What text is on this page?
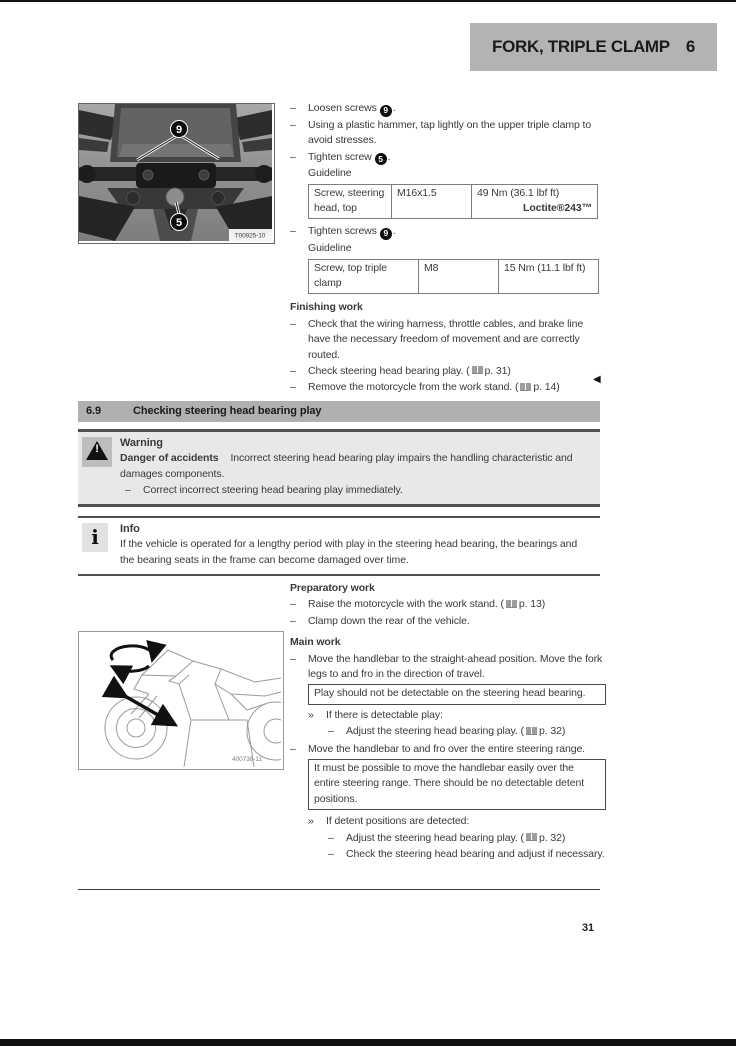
FORK, TRIPLE CLAMP 6
9
5
T00925-10
–	Loosen screws 9 .
–	Using a plastic hammer, tap lightly on the upper triple clamp to avoid stresses.
–	Tighten screw 5 .
Guideline
Screw, steering head, top	M16x1.5	49 Nm (36.1 lbf ft)
Loctite®243™
–	Tighten screws 9 .
Guideline
Screw, top triple clamp	M8	15 Nm (11.1 lbf ft)
Finishing work
–	Check that the wiring harness, throttle cables, and brake line have the necessary freedom of movement and are correctly routed.
–	Check steering head bearing play. ( p. 31)
–	Remove the motorcycle from the work stand. ( p. 14)
◀
6.9	Checking steering head bearing play
!	Warning
Danger of accidents Incorrect steering head bearing play impairs the handling characteristic and damages components.
–	Correct incorrect steering head bearing play immediately.
i Info
If the vehicle is operated for a lengthy period with play in the steering head bearing, the bearings and the bearing seats in the frame can become damaged over time.
400738-11
Preparatory work
–	Raise the motorcycle with the work stand. ( p. 13)
–	Clamp down the rear of the vehicle.
Main work
–	Move the handlebar to the straight-ahead position. Move the fork legs to and fro in the direction of travel.
Play should not be detectable on the steering head bearing.
»	If there is detectable play:
–	Adjust the steering head bearing play. ( p. 32)
–	Move the handlebar to and fro over the entire steering range.
It must be possible to move the handlebar easily over the entire steering range. There should be no detectable detent positions.
»	If detent positions are detected:
–	Adjust the steering head bearing play. ( p. 32)
–	Check the steering head bearing and adjust if necessary.
31
